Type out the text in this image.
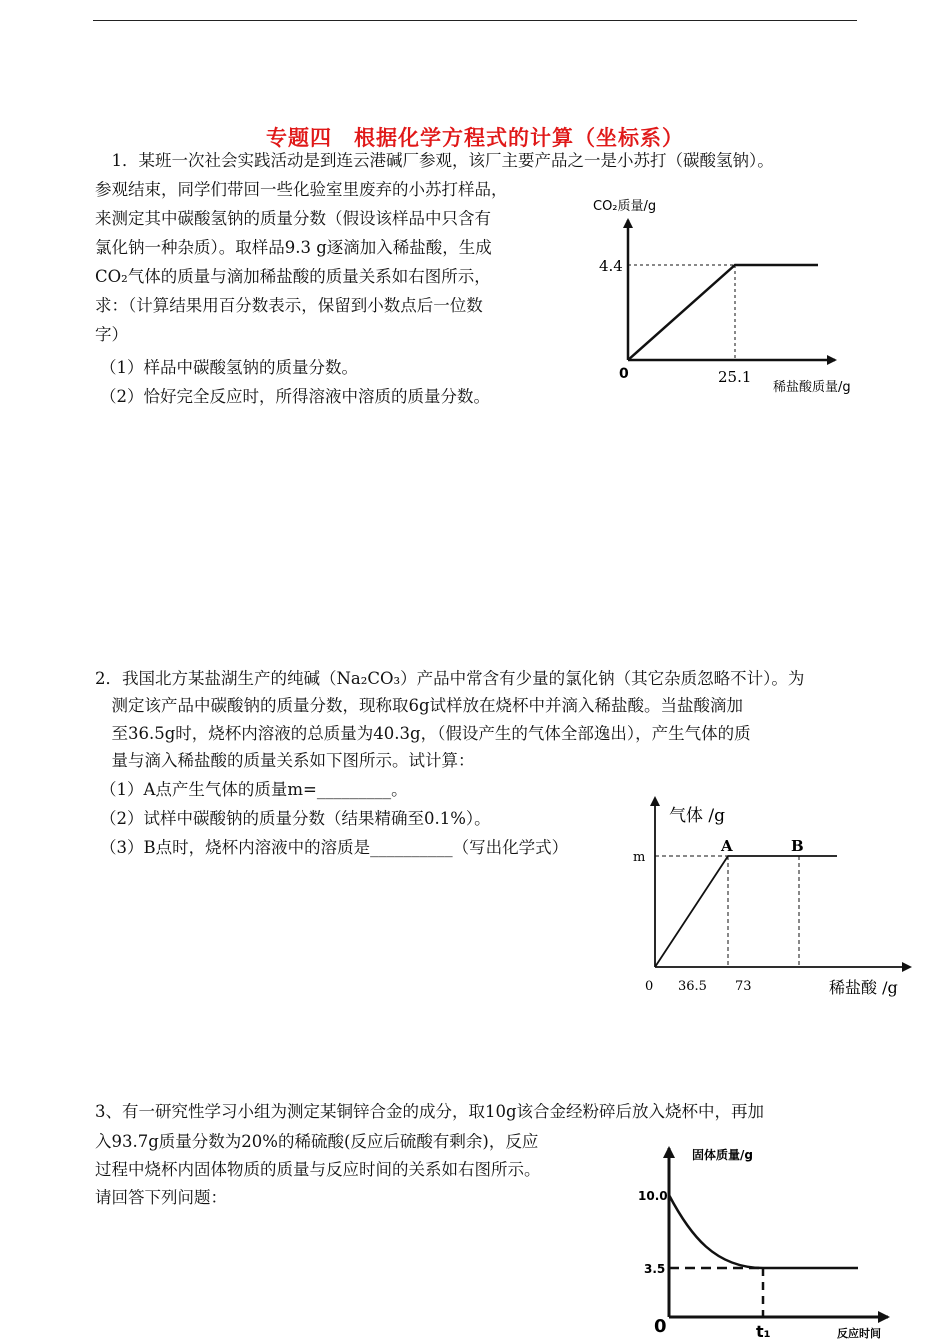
专题四　根据化学方程式的计算（坐标系）
　1．某班一次社会实践活动是到连云港碱厂参观，该厂主要产品之一是小苏打（碳酸氢钠）。
参观结束，同学们带回一些化验室里废弃的小苏打样品，
来测定其中碳酸氢钠的质量分数（假设该样品中只含有
氯化钠一种杂质）。取样品9.3 g逐滴加入稀盐酸，生成
CO₂气体的质量与滴加稀盐酸的质量关系如右图所示，
求：（计算结果用百分数表示，保留到小数点后一位数
字）
（1）样品中碳酸氢钠的质量分数。
（2）恰好完全反应时，所得溶液中溶质的质量分数。
CO₂质量/g
4.4
0	25.1
稀盐酸质量/g
2．我国北方某盐湖生产的纯碱（Na₂CO₃）产品中常含有少量的氯化钠（其它杂质忽略不计）。为
　测定该产品中碳酸钠的质量分数，现称取6g试样放在烧杯中并滴入稀盐酸。当盐酸滴加
　至36.5g时，烧杯内溶液的总质量为40.3g，（假设产生的气体全部逸出），产生气体的质
　量与滴入稀盐酸的质量关系如下图所示。试计算：
（1）A点产生气体的质量m=_________。
（2）试样中碳酸钠的质量分数（结果精确至0.1%）。
（3）B点时，烧杯内溶液中的溶质是__________（写出化学式）
气体 /g
m
A	B
0 36.5 73	稀盐酸 /g
3、有一研究性学习小组为测定某铜锌合金的成分，取10g该合金经粉碎后放入烧杯中，再加
入93.7g质量分数为20%的稀硫酸(反应后硫酸有剩余)，反应
过程中烧杯内固体物质的质量与反应时间的关系如右图所示。
请回答下列问题：
固体质量/g
10.0
3.5
0	t₁	反应时间
